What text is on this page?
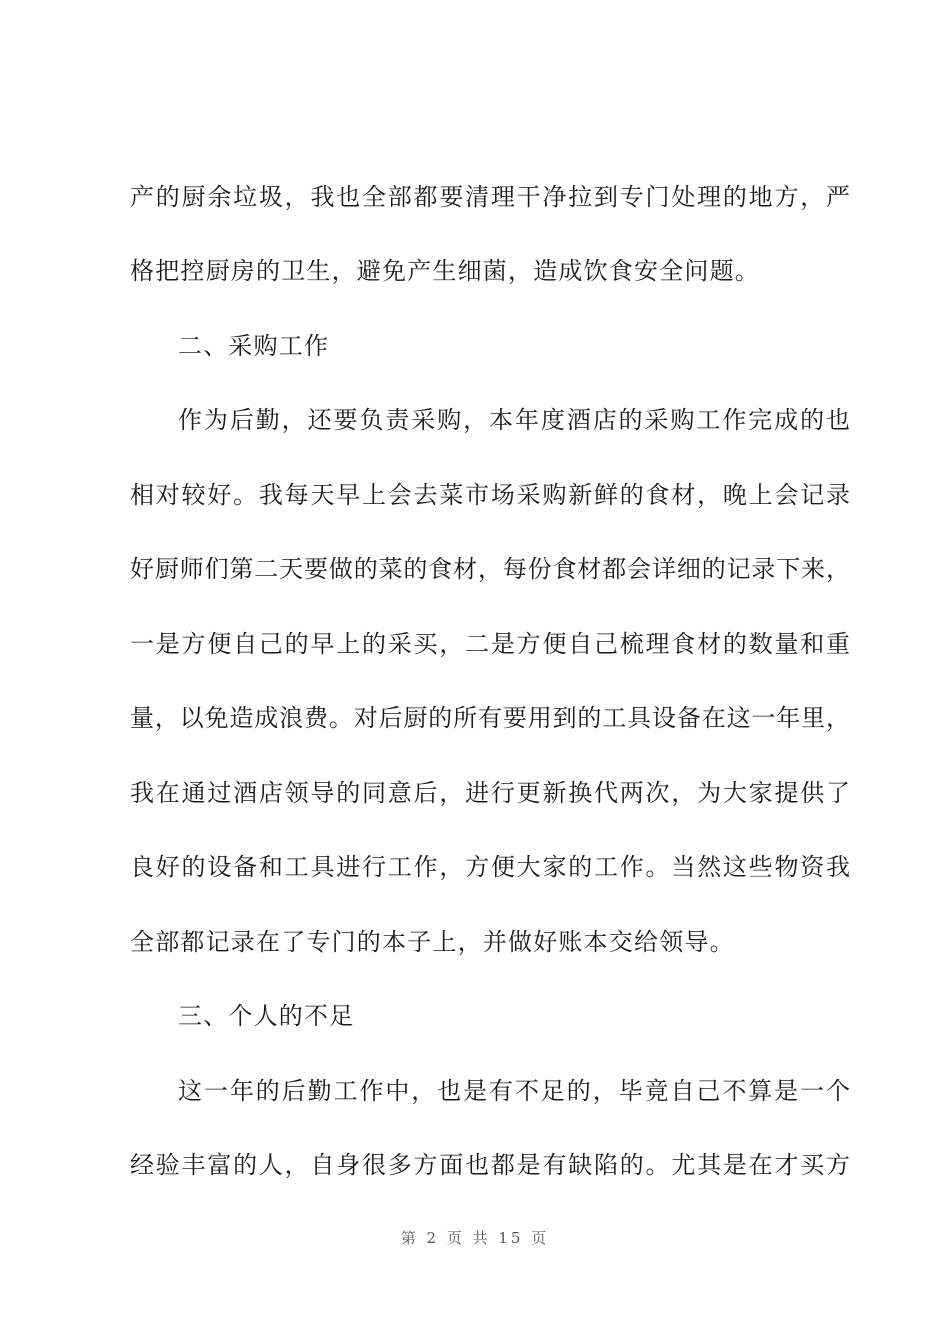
产的厨余垃圾，我也全部都要清理干净拉到专门处理的地方，严
格把控厨房的卫生，避免产生细菌，造成饮食安全问题。
二、采购工作
作为后勤，还要负责采购，本年度酒店的采购工作完成的也
相对较好。我每天早上会去菜市场采购新鲜的食材，晚上会记录
好厨师们第二天要做的菜的食材，每份食材都会详细的记录下来，
一是方便自己的早上的采买，二是方便自己梳理食材的数量和重
量，以免造成浪费。对后厨的所有要用到的工具设备在这一年里，
我在通过酒店领导的同意后，进行更新换代两次，为大家提供了
良好的设备和工具进行工作，方便大家的工作。当然这些物资我
全部都记录在了专门的本子上，并做好账本交给领导。
三、个人的不足
这一年的后勤工作中，也是有不足的，毕竟自己不算是一个
经验丰富的人，自身很多方面也都是有缺陷的。尤其是在才买方
第 2 页 共 15 页
